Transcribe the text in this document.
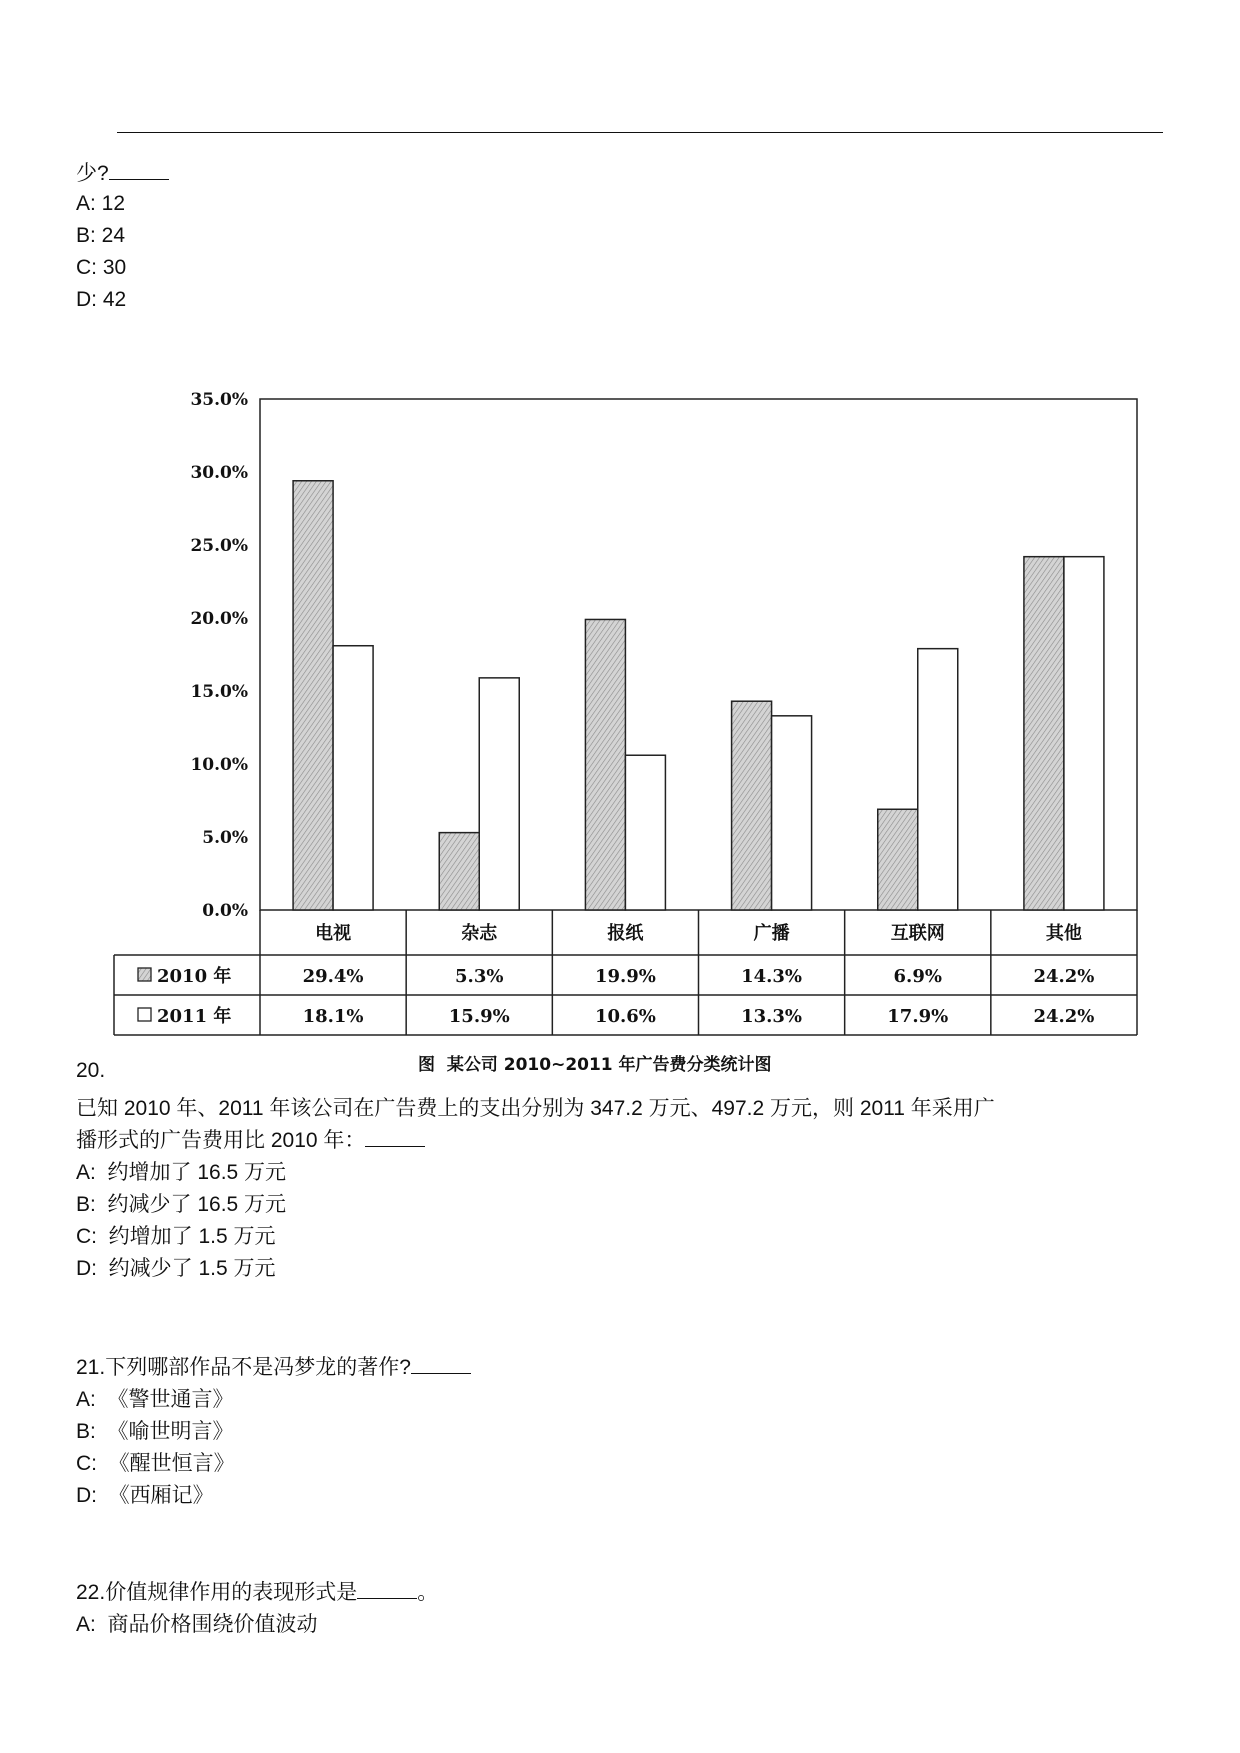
少?
A: 12
B: 24
C: 30
D: 42
0.0%
5.0%
10.0%
15.0%
20.0%
25.0%
30.0%
35.0%
电视	杂志	报纸	广播	互联网	其他
2010 年	29.4%	5.3%	19.9%	14.3%	6.9%	24.2%
2011 年	18.1%	15.9%	10.6%	13.3%	17.9%	24.2%
图  某公司 2010~2011 年广告费分类统计图
20.
已知 2010 年、2011 年该公司在广告费上的支出分别为 347.2 万元、497.2 万元，则 2011 年采用广
播形式的广告费用比 2010 年：
A:  约增加了 16.5 万元
B:  约减少了 16.5 万元
C:  约增加了 1.5 万元
D:  约减少了 1.5 万元
21.下列哪部作品不是冯梦龙的著作?
A:  《警世通言》
B:  《喻世明言》
C:  《醒世恒言》
D:  《西厢记》
22.价值规律作用的表现形式是	。
A:  商品价格围绕价值波动
